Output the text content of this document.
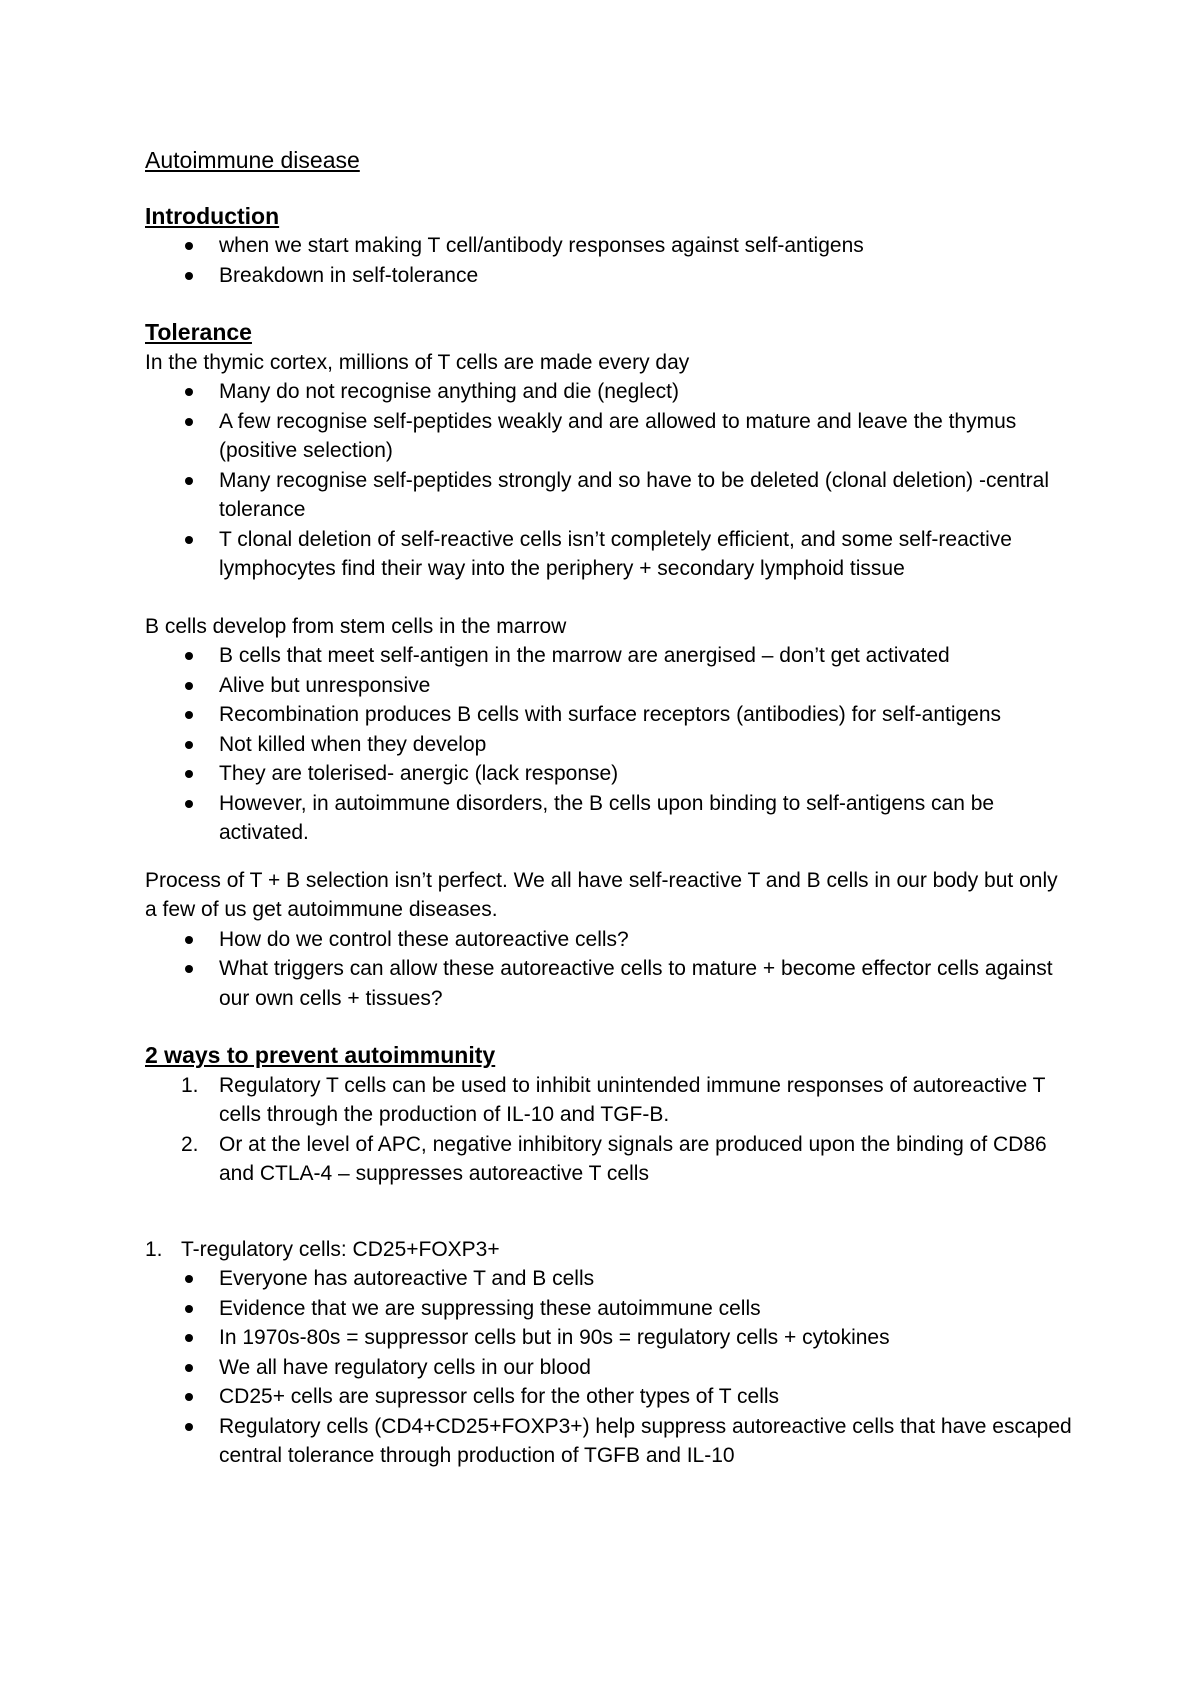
Autoimmune disease
Introduction
when we start making T cell/antibody responses against self-antigens
Breakdown in self-tolerance
Tolerance

In the thymic cortex, millions of T cells are made every day

Many do not recognise anything and die (neglect)
A few recognise self-peptides weakly and are allowed to mature and leave the thymus (positive selection)
Many recognise self-peptides strongly and so have to be deleted (clonal deletion) -central tolerance
T clonal deletion of self-reactive cells isn’t completely efficient, and some self-reactive lymphocytes find their way into the periphery + secondary lymphoid tissue

B cells develop from stem cells in the marrow

B cells that meet self-antigen in the marrow are anergised – don’t get activated
Alive but unresponsive
Recombination produces B cells with surface receptors (antibodies) for self-antigens
Not killed when they develop
They are tolerised- anergic (lack response)
However, in autoimmune disorders, the B cells upon binding to self-antigens can be activated.

Process of T + B selection isn’t perfect. We all have self-reactive T and B cells in our body but only a few of us get autoimmune diseases.

How do we control these autoreactive cells?
What triggers can allow these autoreactive cells to mature + become effector cells against our own cells + tissues?
2 ways to prevent autoimmunity
1. Regulatory T cells can be used to inhibit unintended immune responses of autoreactive T cells through the production of IL-10 and TGF-B.
2. Or at the level of APC, negative inhibitory signals are produced upon the binding of CD86 and CTLA-4 – suppresses autoreactive T cells
1. T-regulatory cells: CD25+FOXP3+
Everyone has autoreactive T and B cells
Evidence that we are suppressing these autoimmune cells
In 1970s-80s = suppressor cells but in 90s = regulatory cells + cytokines
We all have regulatory cells in our blood
CD25+ cells are supressor cells for the other types of T cells
Regulatory cells (CD4+CD25+FOXP3+) help suppress autoreactive cells that have escaped central tolerance through production of TGFB and IL-10
